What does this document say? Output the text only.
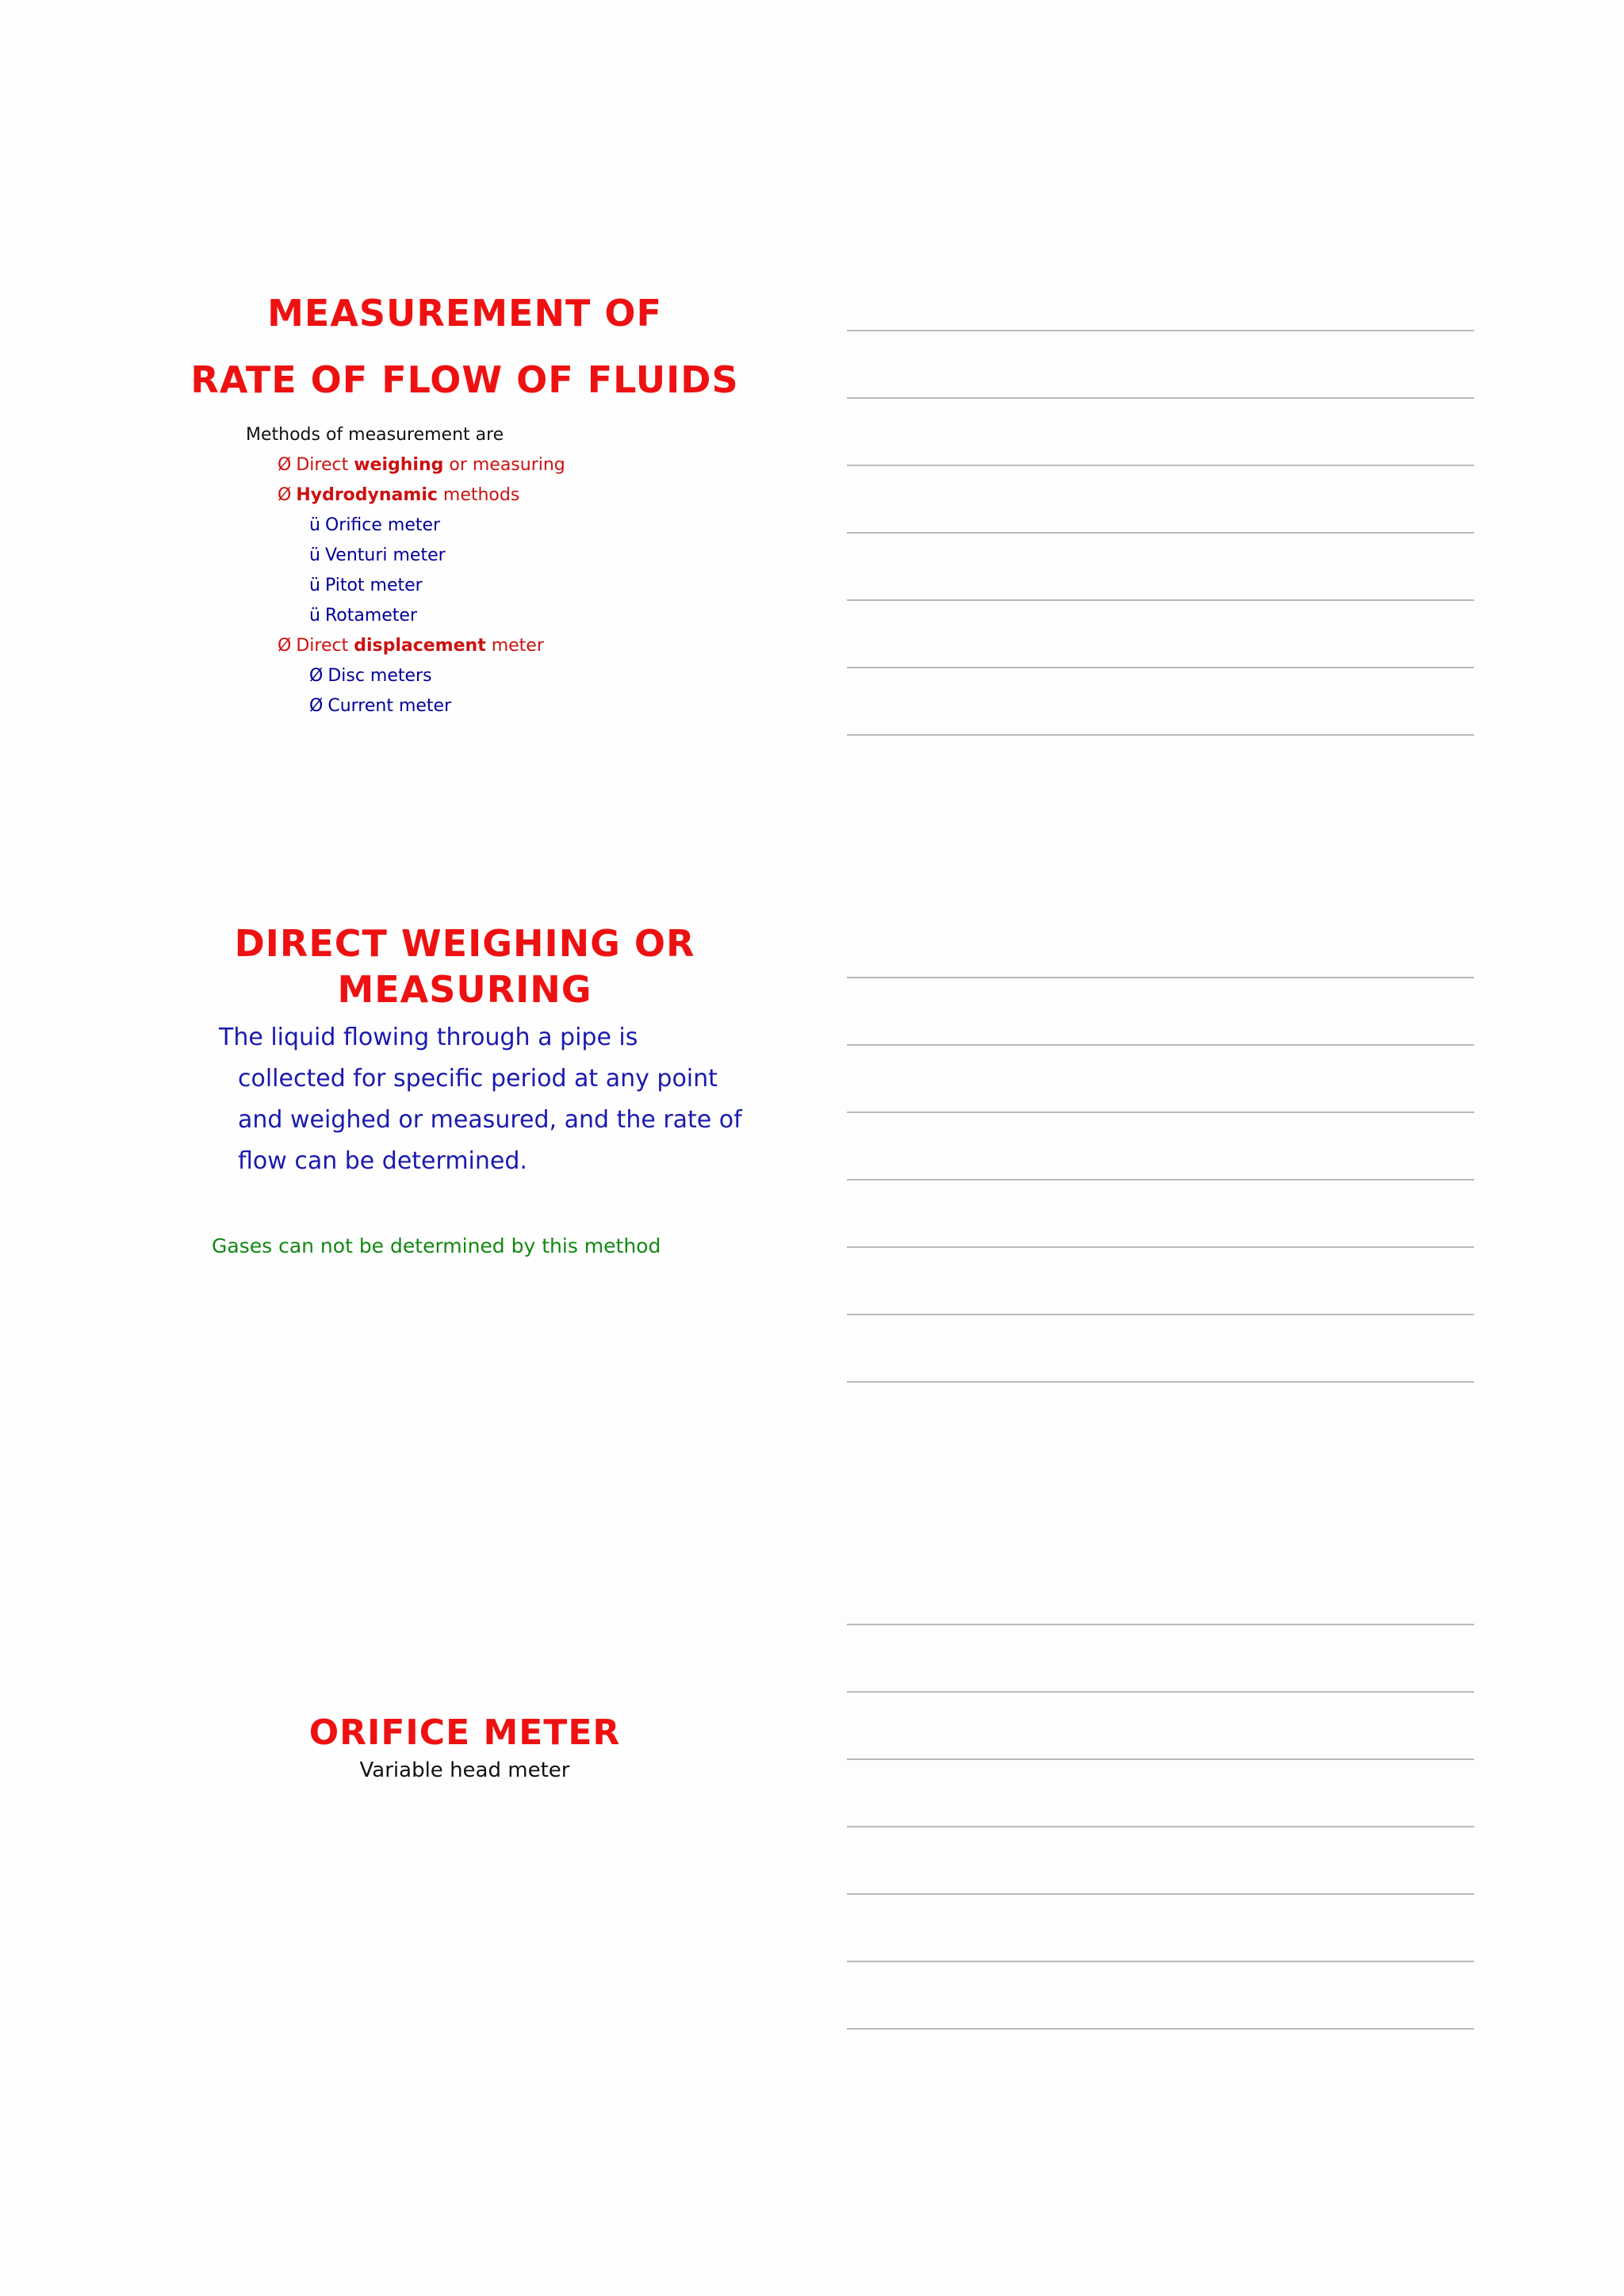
MEASUREMENT OF
RATE OF FLOW OF FLUIDS
Methods of measurement are
Ø Direct weighing or measuring
Ø Hydrodynamic methods
ü Orifice meter
ü Venturi meter
ü Pitot meter
ü Rotameter
Ø Direct displacement meter
Ø Disc meters
Ø Current meter
DIRECT WEIGHING OR
MEASURING

The liquid flowing through a pipe is collected for specific period at any point and weighed or measured, and the rate of flow can be determined.

Gases can not be determined by this method
ORIFICE METER
Variable head meter
